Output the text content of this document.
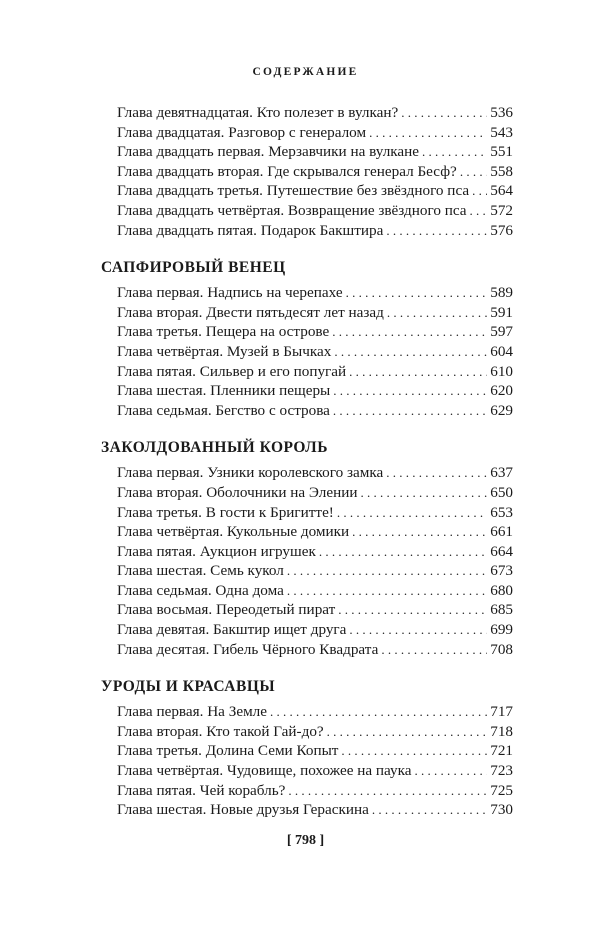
СОДЕРЖАНИЕ
Глава девятнадцатая. Кто полезет в вулкан? . . .	536
Глава двадцатая. Разговор с генералом . . .	543
Глава двадцать первая. Мерзавчики на вулкане . . .	551
Глава двадцать вторая. Где скрывался генерал Бесф? . . . 558
Глава двадцать третья. Путешествие без звёздного пса . . . 564
Глава двадцать четвёртая. Возвращение звёздного пса . . . 572
Глава двадцать пятая. Подарок Бакштира . . .	576
САПФИРОВЫЙ ВЕНЕЦ
Глава первая. Надпись на черепахе . . .	589
Глава вторая. Двести пятьдесят лет назад . . .	591
Глава третья. Пещера на острове . . .	597
Глава четвёртая. Музей в Бычках . . .	604
Глава пятая. Сильвер и его попугай . . .	610
Глава шестая. Пленники пещеры . . .	620
Глава седьмая. Бегство с острова . . .	629
ЗАКОЛДОВАННЫЙ КОРОЛЬ
Глава первая. Узники королевского замка . . .	637
Глава вторая. Оболочники на Элении . . .	650
Глава третья. В гости к Бригитте! . . .	653
Глава четвёртая. Кукольные домики . . .	661
Глава пятая. Аукцион игрушек . . .	664
Глава шестая. Семь кукол . . .	673
Глава седьмая. Одна дома . . .	680
Глава восьмая. Переодетый пират . . .	685
Глава девятая. Бакштир ищет друга . . .	699
Глава десятая. Гибель Чёрного Квадрата . . .	708
УРОДЫ И КРАСАВЦЫ
Глава первая. На Земле . . .	717
Глава вторая. Кто такой Гай-до? . . .	718
Глава третья. Долина Семи Копыт . . .	721
Глава четвёртая. Чудовище, похожее на паука . . .	723
Глава пятая. Чей корабль? . . .	725
Глава шестая. Новые друзья Гераскина . . .	730
[ 798 ]
